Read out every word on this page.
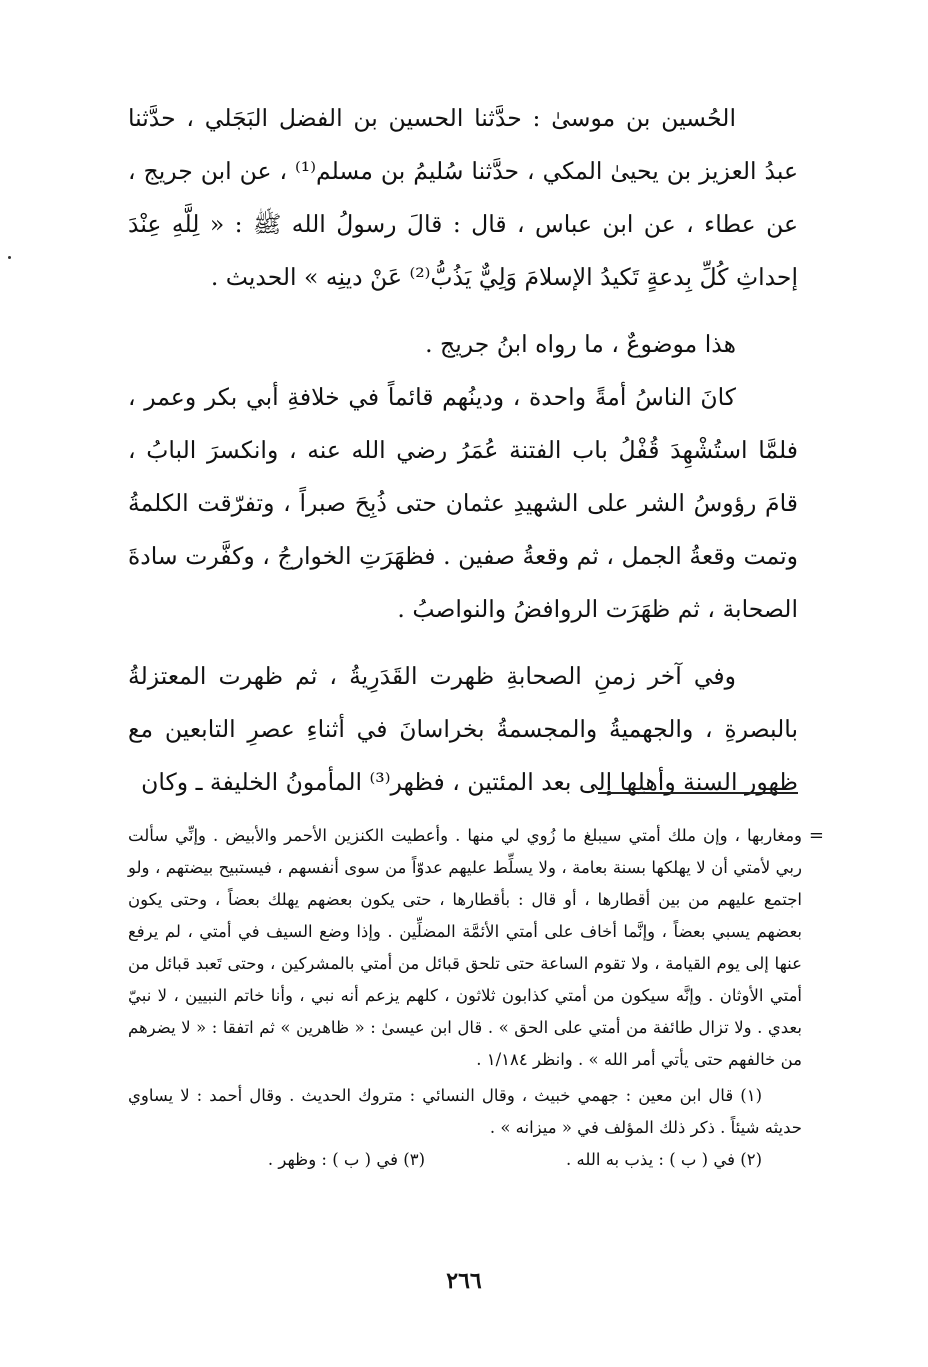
الحُسين بن موسىٰ : حدَّثنا الحسين بن الفضل البَجَلي ، حدَّثنا عبدُ العزيز بن يحيىٰ المكي ، حدَّثنا سُليمُ بن مسلم⁽¹⁾ ، عن ابن جريج ، عن عطاء ، عن ابن عباس ، قال : قالَ رسولُ الله ﷺ : « لِلَّهِ عِنْدَ إحداثِ كُلِّ بِدعةٍ تَكيدُ الإسلامَ وَلِيٌّ يَذُبُّ⁽²⁾ عَنْ دينِه » الحديث .

هذا موضوعٌ ، ما رواه ابنُ جريج .

كانَ الناسُ أمةً واحدة ، ودينُهم قائماً في خلافةِ أبي بكر وعمر ، فلمَّا استُشْهِدَ قُفْلُ باب الفتنة عُمَرُ رضي الله عنه ، وانكسرَ البابُ ، قامَ رؤوسُ الشر على الشهيدِ عثمان حتى ذُبِحَ صبراً ، وتفرّقت الكلمةُ وتمت وقعةُ الجمل ، ثم وقعةُ صفين . فظهَرَتِ الخوارجُ ، وكفَّرت سادةَ الصحابة ، ثم ظهَرَت الروافضُ والنواصبُ .

وفي آخر زمنِ الصحابةِ ظهرت القَدَرِيةُ ، ثم ظهرت المعتزلةُ بالبصرةِ ، والجهميةُ والمجسمةُ بخراسانَ في أثناءِ عصرِ التابعين مع ظهور السنة وأهلِها إلى بعد المئتين ، فظهر⁽³⁾ المأمونُ الخليفة ـ وكان

=

ومغاربها ، وإن ملك أمتي سيبلغ ما زُوي لي منها . وأعطيت الكنزين الأحمر والأبيض . وإنِّي سألت ربي لأمتي أن لا يهلكها بسنة بعامة ، ولا يسلِّط عليهم عدوّاً من سوى أنفسهم ، فيستبيح بيضتهم ، ولو اجتمع عليهم من بين أقطارها ، أو قال : بأقطارها ، حتى يكون بعضهم يهلك بعضاً ، وحتى يكون بعضهم يسبي بعضاً ، وإنَّما أخاف على أمتي الأئمَّة المضلِّين . وإذا وضع السيف في أمتي ، لم يرفع عنها إلى يوم القيامة ، ولا تقوم الساعة حتى تلحق قبائل من أمتي بالمشركين ، وحتى تَعبد قبائل من أمتي الأوثان . وإنَّه سيكون من أمتي كذابون ثلاثون ، كلهم يزعم أنه نبي ، وأنا خاتم النبيين ، لا نبيّ بعدي . ولا تزال طائفة من أمتي على الحق » . قال ابن عيسىٰ : « ظاهرين » ثم اتفقا : « لا يضرهم من خالفهم حتى يأتي أمر الله » . وانظر ١/١٨٤ .

(١) قال ابن معين : جهمي خبيث ، وقال النسائي : متروك الحديث . وقال أحمد : لا يساوي حديثه شيئاً . ذكر ذلك المؤلف في « ميزانه » .

(٢) في ( ب ) : يذب به الله .

(٣) في ( ب ) : وظهر .

٢٦٦
